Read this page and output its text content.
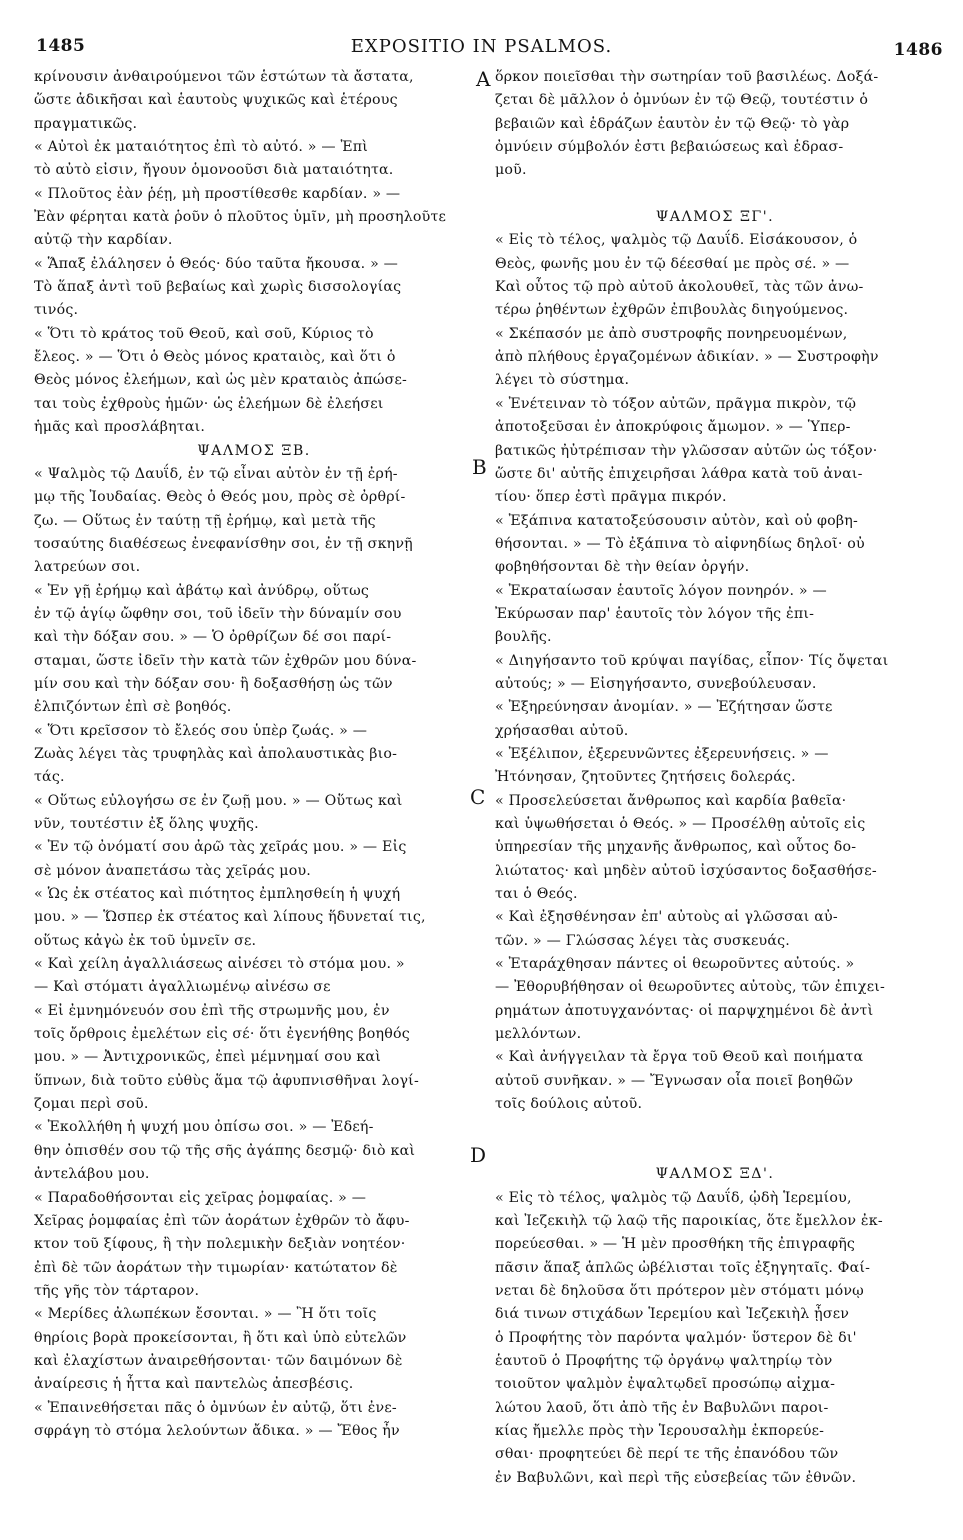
1485	EXPOSITIO IN PSALMOS.	1486
κρίνουσιν ἀνθαιρούμενοι τῶν ἑστώτων τὰ ἄστατα,
ὥστε ἀδικῆσαι καὶ ἑαυτοὺς ψυχικῶς καὶ ἑτέρους
πραγματικῶς.
« Αὐτοὶ ἐκ ματαιότητος ἐπὶ τὸ αὐτό. » — Ἐπὶ
τὸ αὐτὸ εἰσιν, ἤγουν ὁμονοοῦσι διὰ ματαιότητα.
« Πλοῦτος ἐὰν ῥέῃ, μὴ προστίθεσθε καρδίαν. » —
Ἐὰν φέρηται κατὰ ῥοῦν ὁ πλοῦτος ὑμῖν, μὴ προσηλοῦτε
αὐτῷ τὴν καρδίαν.
« Ἅπαξ ἐλάλησεν ὁ Θεός· δύο ταῦτα ἤκουσα. » —
Τὸ ἅπαξ ἀντὶ τοῦ βεβαίως καὶ χωρὶς δισσολογίας
τινός.
« Ὅτι τὸ κράτος τοῦ Θεοῦ, καὶ σοῦ, Κύριος τὸ
ἔλεος. » — Ὅτι ὁ Θεὸς μόνος κραταιὸς, καὶ ὅτι ὁ
Θεὸς μόνος ἐλεήμων, καὶ ὡς μὲν κραταιὸς ἀπώσε-
ται τοὺς ἐχθροὺς ἡμῶν· ὡς ἐλεήμων δὲ ἐλεήσει
ἡμᾶς καὶ προσλάβηται.
ΨΑΛΜΟΣ ΞΒ.
« Ψαλμὸς τῷ Δαυΐδ, ἐν τῷ εἶναι αὐτὸν ἐν τῇ ἐρή-
μῳ τῆς Ἰουδαίας. Θεὸς ὁ Θεός μου, πρὸς σὲ ὀρθρί-
ζω. — Οὕτως ἐν ταύτῃ τῇ ἐρήμῳ, καὶ μετὰ τῆς
τοσαύτης διαθέσεως ἐνεφανίσθην σοι, ἐν τῇ σκηνῇ
λατρεύων σοι.
« Ἐν γῇ ἐρήμῳ καὶ ἀβάτῳ καὶ ἀνύδρῳ, οὕτως
ἐν τῷ ἁγίῳ ὤφθην σοι, τοῦ ἰδεῖν τὴν δύναμίν σου
καὶ τὴν δόξαν σου. » — Ὁ ὀρθρίζων δέ σοι παρί-
σταμαι, ὥστε ἰδεῖν τὴν κατὰ τῶν ἐχθρῶν μου δύνα-
μίν σου καὶ τὴν δόξαν σου· ἢ δοξασθήσῃ ὡς τῶν
ἐλπιζόντων ἐπὶ σὲ βοηθός.
« Ὅτι κρεῖσσον τὸ ἔλεός σου ὑπὲρ ζωάς. » —
Ζωὰς λέγει τὰς τρυφηλὰς καὶ ἀπολαυστικὰς βιο-
τάς.
« Οὕτως εὐλογήσω σε ἐν ζωῇ μου. » — Οὕτως καὶ
νῦν, τουτέστιν ἐξ ὅλης ψυχῆς.
« Ἐν τῷ ὀνόματί σου ἀρῶ τὰς χεῖράς μου. » — Εἰς
σὲ μόνον ἀναπετάσω τὰς χεῖράς μου.
« Ὡς ἐκ στέατος καὶ πιότητος ἐμπλησθείη ἡ ψυχή
μου. » — Ὥσπερ ἐκ στέατος καὶ λίπους ἥδυνεταί τις,
οὕτως κἀγὼ ἐκ τοῦ ὑμνεῖν σε.
« Καὶ χείλη ἀγαλλιάσεως αἰνέσει τὸ στόμα μου. »
— Καὶ στόματι ἀγαλλιωμένῳ αἰνέσω σε
« Εἰ ἐμνημόνευόν σου ἐπὶ τῆς στρωμνῆς μου, ἐν
τοῖς ὄρθροις ἐμελέτων εἰς σέ· ὅτι ἐγενήθης βοηθός
μου. » — Ἀντιχρονικῶς, ἐπεὶ μέμνημαί σου καὶ
ὕπνων, διὰ τοῦτο εὐθὺς ἅμα τῷ ἀφυπνισθῆναι λογί-
ζομαι περὶ σοῦ.
« Ἐκολλήθη ἡ ψυχή μου ὀπίσω σοι. » — Ἐδεή-
θην ὀπισθέν σου τῷ τῆς σῆς ἀγάπης δεσμῷ· διὸ καὶ
ἀντελάβου μου.
« Παραδοθήσονται εἰς χεῖρας ῥομφαίας. » —
Χεῖρας ῥομφαίας ἐπὶ τῶν ἀοράτων ἐχθρῶν τὸ ἄφυ-
κτον τοῦ ξίφους, ἢ τὴν πολεμικὴν δεξιὰν νοητέον·
ἐπὶ δὲ τῶν ἀοράτων τὴν τιμωρίαν· κατώτατον δὲ
τῆς γῆς τὸν τάρταρον.
« Μερίδες ἀλωπέκων ἔσονται. » — Ἢ ὅτι τοῖς
θηρίοις βορὰ προκείσονται, ἢ ὅτι καὶ ὑπὸ εὐτελῶν
καὶ ἐλαχίστων ἀναιρεθήσονται· τῶν δαιμόνων δὲ
ἀναίρεσις ἡ ἧττα καὶ παντελὼς ἀπεσβέσις.
« Ἐπαινεθήσεται πᾶς ὁ ὀμνύων ἐν αὐτῷ, ὅτι ἐνε-
σφράγη τὸ στόμα λελούντων ἄδικα. » — Ἔθος ἦν
ὅρκον ποιεῖσθαι τὴν σωτηρίαν τοῦ βασιλέως. Δοξά-
ζεται δὲ μᾶλλον ὁ ὀμνύων ἐν τῷ Θεῷ, τουτέστιν ὁ
βεβαιῶν καὶ ἑδράζων ἑαυτὸν ἐν τῷ Θεῷ· τὸ γὰρ
ὀμνύειν σύμβολόν ἐστι βεβαιώσεως καὶ ἑδρασ-
μοῦ.
ΨΑΛΜΟΣ ΞΓ'.
« Εἰς τὸ τέλος, ψαλμὸς τῷ Δαυΐδ. Εἰσάκουσον, ὁ
Θεὸς, φωνῆς μου ἐν τῷ δέεσθαί με πρὸς σέ. » —
Καὶ οὗτος τῷ πρὸ αὐτοῦ ἀκολουθεῖ, τὰς τῶν ἀνω-
τέρω ῥηθέντων ἐχθρῶν ἐπιβουλὰς διηγούμενος.
« Σκέπασόν με ἀπὸ συστροφῆς πονηρευομένων,
ἀπὸ πλήθους ἐργαζομένων ἀδικίαν. » — Συστροφὴν
λέγει τὸ σύστημα.
« Ἐνέτειναν τὸ τόξον αὐτῶν, πρᾶγμα πικρὸν, τῷ
ἀποτοξεῦσαι ἐν ἀποκρύφοις ἄμωμον. » — Ὑπερ-
βατικῶς ἠὐτρέπισαν τὴν γλῶσσαν αὐτῶν ὡς τόξον·
ὥστε δι' αὐτῆς ἐπιχειρῆσαι λάθρα κατὰ τοῦ ἀναι-
τίου· ὅπερ ἐστὶ πρᾶγμα πικρόν.
« Ἐξάπινα κατατοξεύσουσιν αὐτὸν, καὶ οὐ φοβη-
θήσονται. » — Τὸ ἐξάπινα τὸ αἰφνηδίως δηλοῖ· οὐ
φοβηθήσονται δὲ τὴν θείαν ὀργήν.
« Ἐκραταίωσαν ἑαυτοῖς λόγον πονηρόν. » —
Ἐκύρωσαν παρ' ἑαυτοῖς τὸν λόγον τῆς ἐπι-
βουλῆς.
« Διηγήσαντο τοῦ κρύψαι παγίδας, εἶπον· Τίς ὄψεται
αὐτούς; » — Εἰσηγήσαντο, συνεβούλευσαν.
« Ἐξηρεύνησαν ἀνομίαν. » — Ἐζήτησαν ὥστε
χρήσασθαι αὐτοῦ.
« Ἐξέλιπον, ἐξερευνῶντες ἐξερευνήσεις. » —
Ἠτόνησαν, ζητοῦντες ζητήσεις δολεράς.
« Προσελεύσεται ἄνθρωπος καὶ καρδία βαθεῖα·
καὶ ὑψωθήσεται ὁ Θεός. » — Προσέλθῃ αὐτοῖς εἰς
ὑπηρεσίαν τῆς μηχανῆς ἄνθρωπος, καὶ οὗτος δο-
λιώτατος· καὶ μηδὲν αὐτοῦ ἰσχύσαντος δοξασθήσε-
ται ὁ Θεός.
« Καὶ ἐξησθένησαν ἐπ' αὐτοὺς αἱ γλῶσσαι αὐ-
τῶν. » — Γλώσσας λέγει τὰς συσκευάς.
« Ἐταράχθησαν πάντες οἱ θεωροῦντες αὐτούς. »
— Ἐθορυβήθησαν οἱ θεωροῦντες αὐτοὺς, τῶν ἐπιχει-
ρημάτων ἀποτυγχανόντας· οἱ παρψχημένοι δὲ ἀντὶ
μελλόντων.
« Καὶ ἀνήγγειλαν τὰ ἔργα τοῦ Θεοῦ καὶ ποιήματα
αὐτοῦ συνῆκαν. » — Ἔγνωσαν οἷα ποιεῖ βοηθῶν
τοῖς δούλοις αὐτοῦ.
ΨΑΛΜΟΣ ΞΔ'.
« Εἰς τὸ τέλος, ψαλμὸς τῷ Δαυΐδ, ᾠδὴ Ἱερεμίου,
καὶ Ἰεζεκιὴλ τῷ λαῷ τῆς παροικίας, ὅτε ἔμελλον ἐκ-
πορεύεσθαι. » — Ἡ μὲν προσθήκη τῆς ἐπιγραφῆς
πᾶσιν ἅπαξ ἁπλῶς ὠβέλισται τοῖς ἐξηγηταῖς. Φαί-
νεται δὲ δηλοῦσα ὅτι πρότερον μὲν στόματι μόνῳ
διά τινων στιχάδων Ἱερεμίου καὶ Ἰεζεκιὴλ ᾖσεν
ὁ Προφήτης τὸν παρόντα ψαλμόν· ὕστερον δὲ δι'
ἑαυτοῦ ὁ Προφήτης τῷ ὀργάνῳ ψαλτηρίῳ τὸν
τοιοῦτον ψαλμὸν ἐψαλτῳδεῖ προσώπῳ αἰχμα-
λώτου λαοῦ, ὅτι ἀπὸ τῆς ἐν Βαβυλῶνι παροι-
κίας ἤμελλε πρὸς τὴν Ἱερουσαλὴμ ἐκπορεύε-
σθαι· προφητεύει δὲ περί τε τῆς ἐπανόδου τῶν
ἐν Βαβυλῶνι, καὶ περὶ τῆς εὐσεβείας τῶν ἐθνῶν.
A
B
C
D
